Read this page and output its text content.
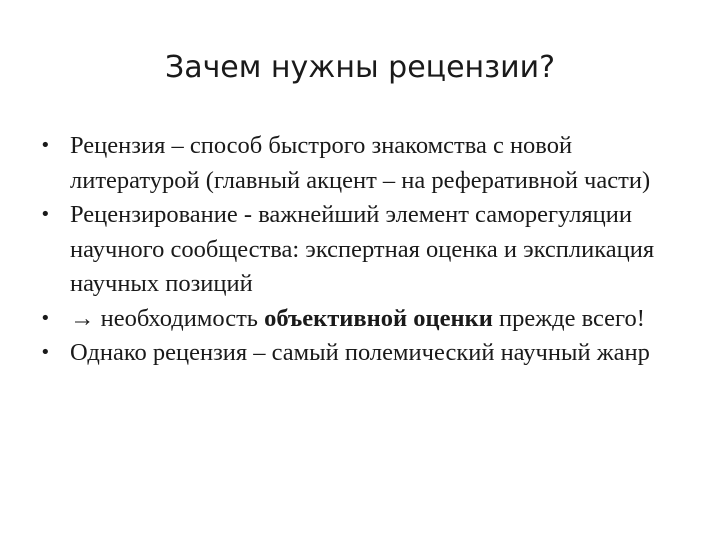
Зачем нужны рецензии?
• Рецензия – способ быстрого знакомства с новой литературой (главный акцент – на реферативной части)
• Рецензирование - важнейший элемент саморегуляции научного сообщества: экспертная оценка и экспликация научных позиций
• → необходимость объективной оценки прежде всего!
• Однако рецензия – самый полемический научный жанр
